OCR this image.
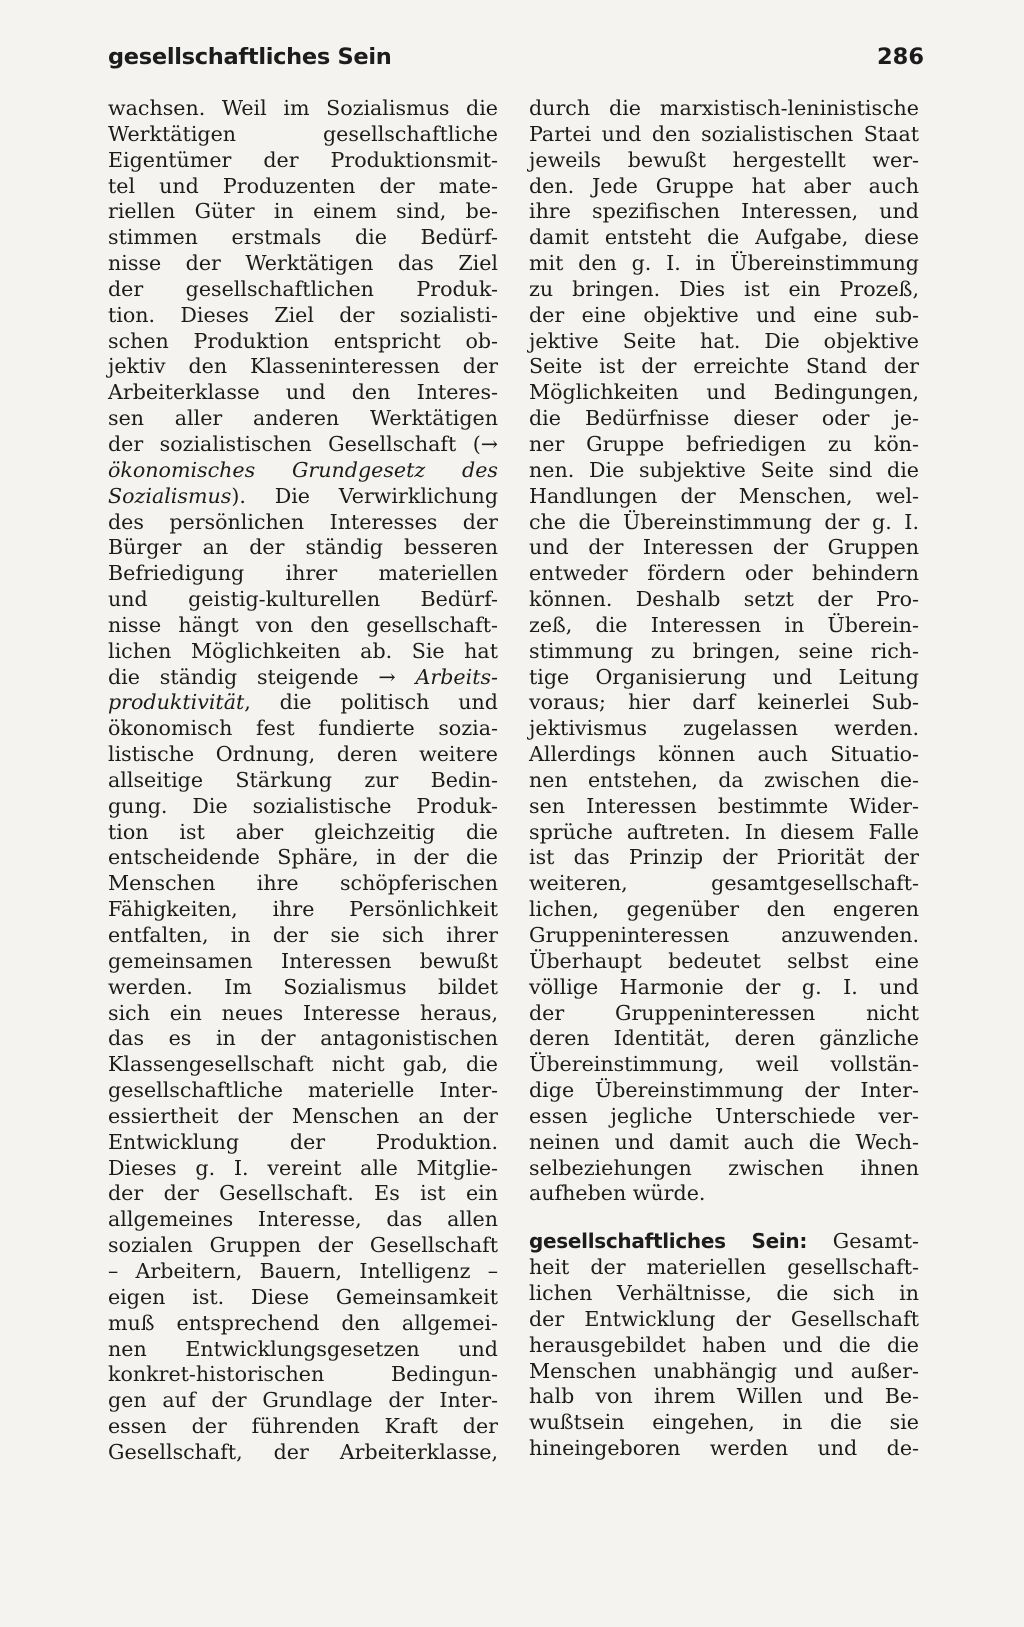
gesellschaftliches Sein	286
wachsen. Weil im Sozialismus die
Werktätigen gesellschaftliche
Eigentümer der Produktionsmit-
tel und Produzenten der mate-
riellen Güter in einem sind, be-
stimmen erstmals die Bedürf-
nisse der Werktätigen das Ziel
der gesellschaftlichen Produk-
tion. Dieses Ziel der sozialisti-
schen Produktion entspricht ob-
jektiv den Klasseninteressen der
Arbeiterklasse und den Interes-
sen aller anderen Werktätigen
der sozialistischen Gesellschaft (→
ökonomisches Grundgesetz des
Sozialismus). Die Verwirklichung
des persönlichen Interesses der
Bürger an der ständig besseren
Befriedigung ihrer materiellen
und geistig-kulturellen Bedürf-
nisse hängt von den gesellschaft-
lichen Möglichkeiten ab. Sie hat
die ständig steigende → Arbeits-
produktivität, die politisch und
ökonomisch fest fundierte sozia-
listische Ordnung, deren weitere
allseitige Stärkung zur Bedin-
gung. Die sozialistische Produk-
tion ist aber gleichzeitig die
entscheidende Sphäre, in der die
Menschen ihre schöpferischen
Fähigkeiten, ihre Persönlichkeit
entfalten, in der sie sich ihrer
gemeinsamen Interessen bewußt
werden. Im Sozialismus bildet
sich ein neues Interesse heraus,
das es in der antagonistischen
Klassengesellschaft nicht gab, die
gesellschaftliche materielle Inter-
essiertheit der Menschen an der
Entwicklung der Produktion.
Dieses g. I. vereint alle Mitglie-
der der Gesellschaft. Es ist ein
allgemeines Interesse, das allen
sozialen Gruppen der Gesellschaft
– Arbeitern, Bauern, Intelligenz –
eigen ist. Diese Gemeinsamkeit
muß entsprechend den allgemei-
nen Entwicklungsgesetzen und
konkret-historischen Bedingun-
gen auf der Grundlage der Inter-
essen der führenden Kraft der
Gesellschaft, der Arbeiterklasse,
durch die marxistisch-leninistische
Partei und den sozialistischen Staat
jeweils bewußt hergestellt wer-
den. Jede Gruppe hat aber auch
ihre spezifischen Interessen, und
damit entsteht die Aufgabe, diese
mit den g. I. in Übereinstimmung
zu bringen. Dies ist ein Prozeß,
der eine objektive und eine sub-
jektive Seite hat. Die objektive
Seite ist der erreichte Stand der
Möglichkeiten und Bedingungen,
die Bedürfnisse dieser oder je-
ner Gruppe befriedigen zu kön-
nen. Die subjektive Seite sind die
Handlungen der Menschen, wel-
che die Übereinstimmung der g. I.
und der Interessen der Gruppen
entweder fördern oder behindern
können. Deshalb setzt der Pro-
zeß, die Interessen in Überein-
stimmung zu bringen, seine rich-
tige Organisierung und Leitung
voraus; hier darf keinerlei Sub-
jektivismus zugelassen werden.
Allerdings können auch Situatio-
nen entstehen, da zwischen die-
sen Interessen bestimmte Wider-
sprüche auftreten. In diesem Falle
ist das Prinzip der Priorität der
weiteren, gesamtgesellschaft-
lichen, gegenüber den engeren
Gruppeninteressen anzuwenden.
Überhaupt bedeutet selbst eine
völlige Harmonie der g. I. und
der Gruppeninteressen nicht
deren Identität, deren gänzliche
Übereinstimmung, weil vollstän-
dige Übereinstimmung der Inter-
essen jegliche Unterschiede ver-
neinen und damit auch die Wech-
selbeziehungen zwischen ihnen
aufheben würde.
gesellschaftliches Sein: Gesamt-
heit der materiellen gesellschaft-
lichen Verhältnisse, die sich in
der Entwicklung der Gesellschaft
herausgebildet haben und die die
Menschen unabhängig und außer-
halb von ihrem Willen und Be-
wußtsein eingehen, in die sie
hineingeboren werden und de-
